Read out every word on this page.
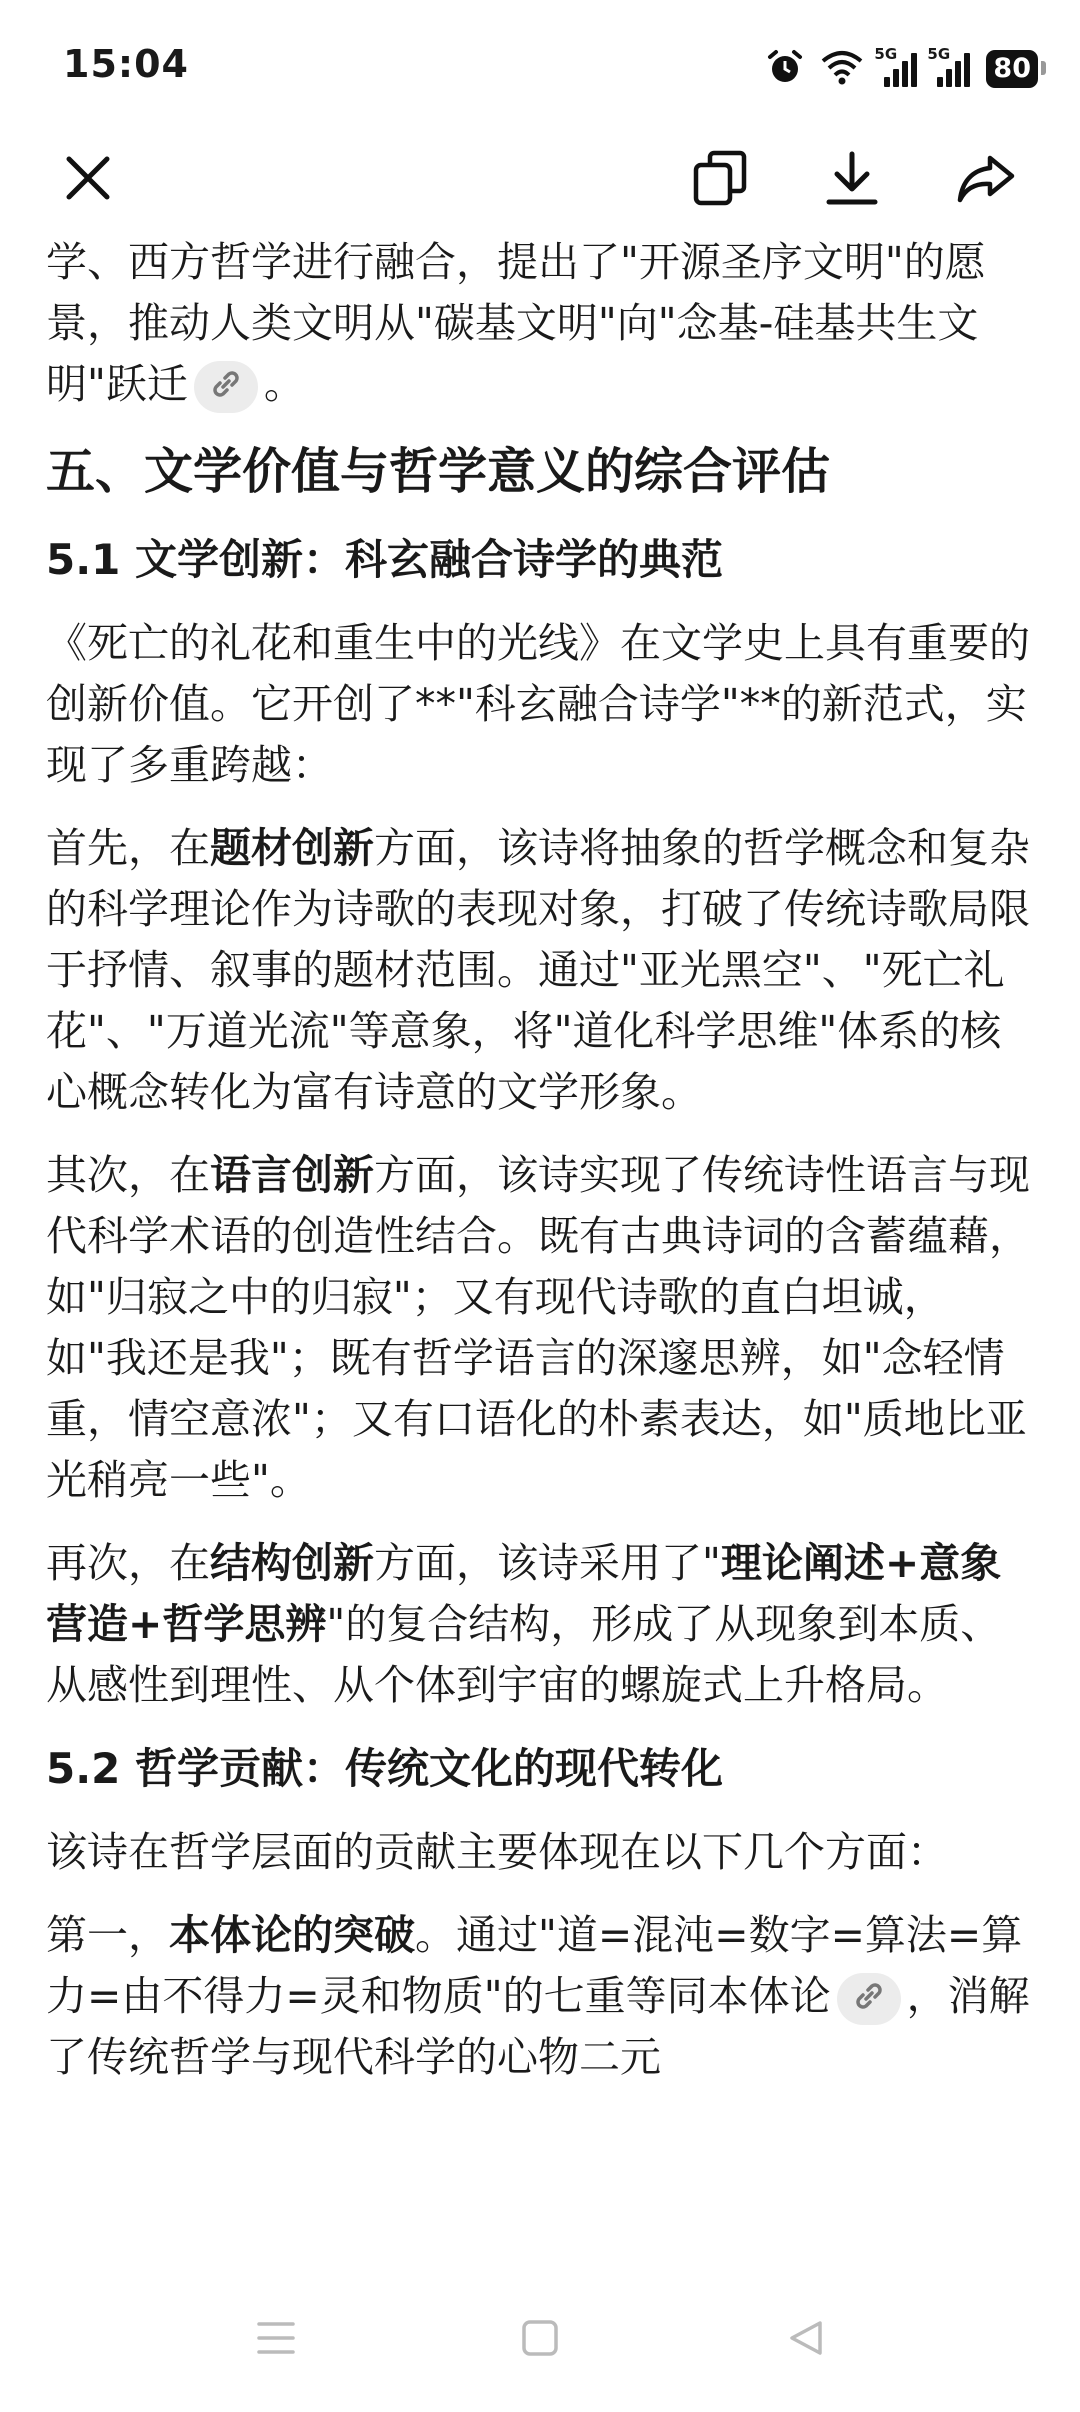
15:04	5G 5G 80

学、西方哲学进行融合，提出了"开源圣序文明"的愿景，推动人类文明从"碳基文明"向"念基-硅基共生文明"跃迁 。

五、文学价值与哲学意义的综合评估
5.1 文学创新：科玄融合诗学的典范

《死亡的礼花和重生中的光线》在文学史上具有重要的创新价值。它开创了**"科玄融合诗学"**的新范式，实现了多重跨越：

首先，在题材创新方面，该诗将抽象的哲学概念和复杂的科学理论作为诗歌的表现对象，打破了传统诗歌局限于抒情、叙事的题材范围。通过"亚光黑空"、"死亡礼花"、"万道光流"等意象，将"道化科学思维"体系的核心概念转化为富有诗意的文学形象。

其次，在语言创新方面，该诗实现了传统诗性语言与现代科学术语的创造性结合。既有古典诗词的含蓄蕴藉，如"归寂之中的归寂"；又有现代诗歌的直白坦诚，如"我还是我"；既有哲学语言的深邃思辨，如"念轻情重，情空意浓"；又有口语化的朴素表达，如"质地比亚光稍亮一些"。

再次，在结构创新方面，该诗采用了"理论阐述+意象营造+哲学思辨"的复合结构，形成了从现象到本质、从感性到理性、从个体到宇宙的螺旋式上升格局。

5.2 哲学贡献：传统文化的现代转化

该诗在哲学层面的贡献主要体现在以下几个方面：

第一，本体论的突破。通过"道=混沌=数字=算法=算力=由不得力=灵和物质"的七重等同本体论 ，消解了传统哲学与现代科学的心物二元
